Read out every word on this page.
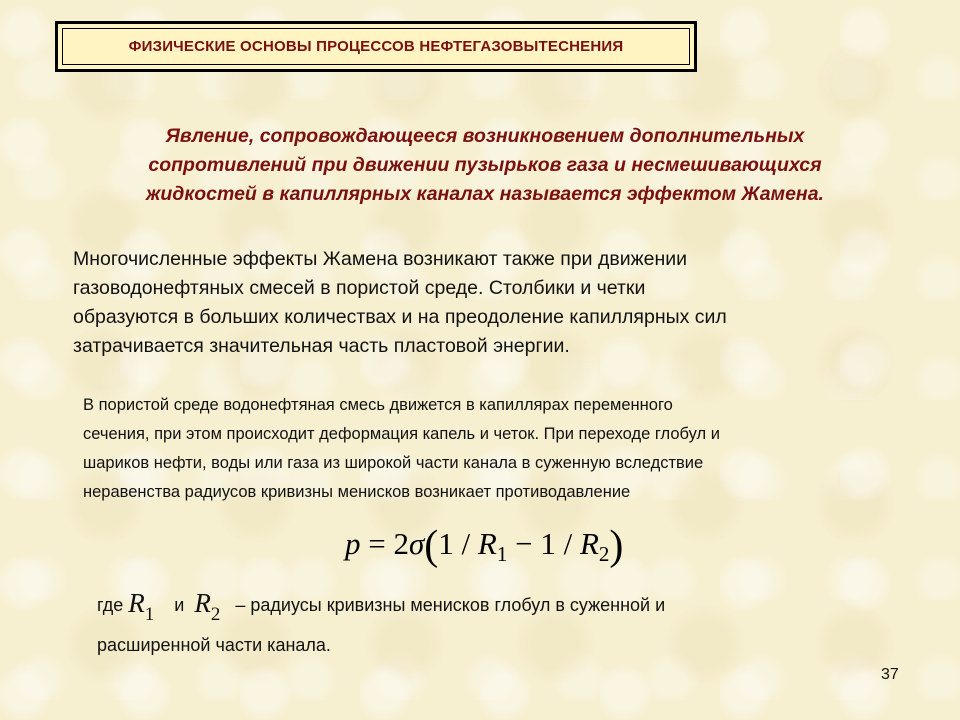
ФИЗИЧЕСКИЕ ОСНОВЫ ПРОЦЕССОВ НЕФТЕГАЗОВЫТЕСНЕНИЯ
Явление, сопровождающееся возникновением дополнительных
сопротивлений при движении пузырьков газа и несмешивающихся
жидкостей в капиллярных каналах называется эффектом Жамена.
Многочисленные эффекты Жамена возникают также при движении
газоводонефтяных смесей в пористой среде. Столбики и четки
образуются в больших количествах и на преодоление капиллярных сил
затрачивается значительная часть пластовой энергии.
В пористой среде водонефтяная смесь движется в капиллярах переменного
сечения, при этом происходит деформация капель и четок. При переходе глобул и
шариков нефти, воды или газа из широкой части канала в суженную вследствие
неравенства радиусов кривизны менисков возникает противодавление
$p = 2\sigma(1 / R_1 - 1 / R_2)$
где $R_1$ и $R_2$   – радиусы кривизны менисков глобул в суженной и
расширенной части канала.
37
